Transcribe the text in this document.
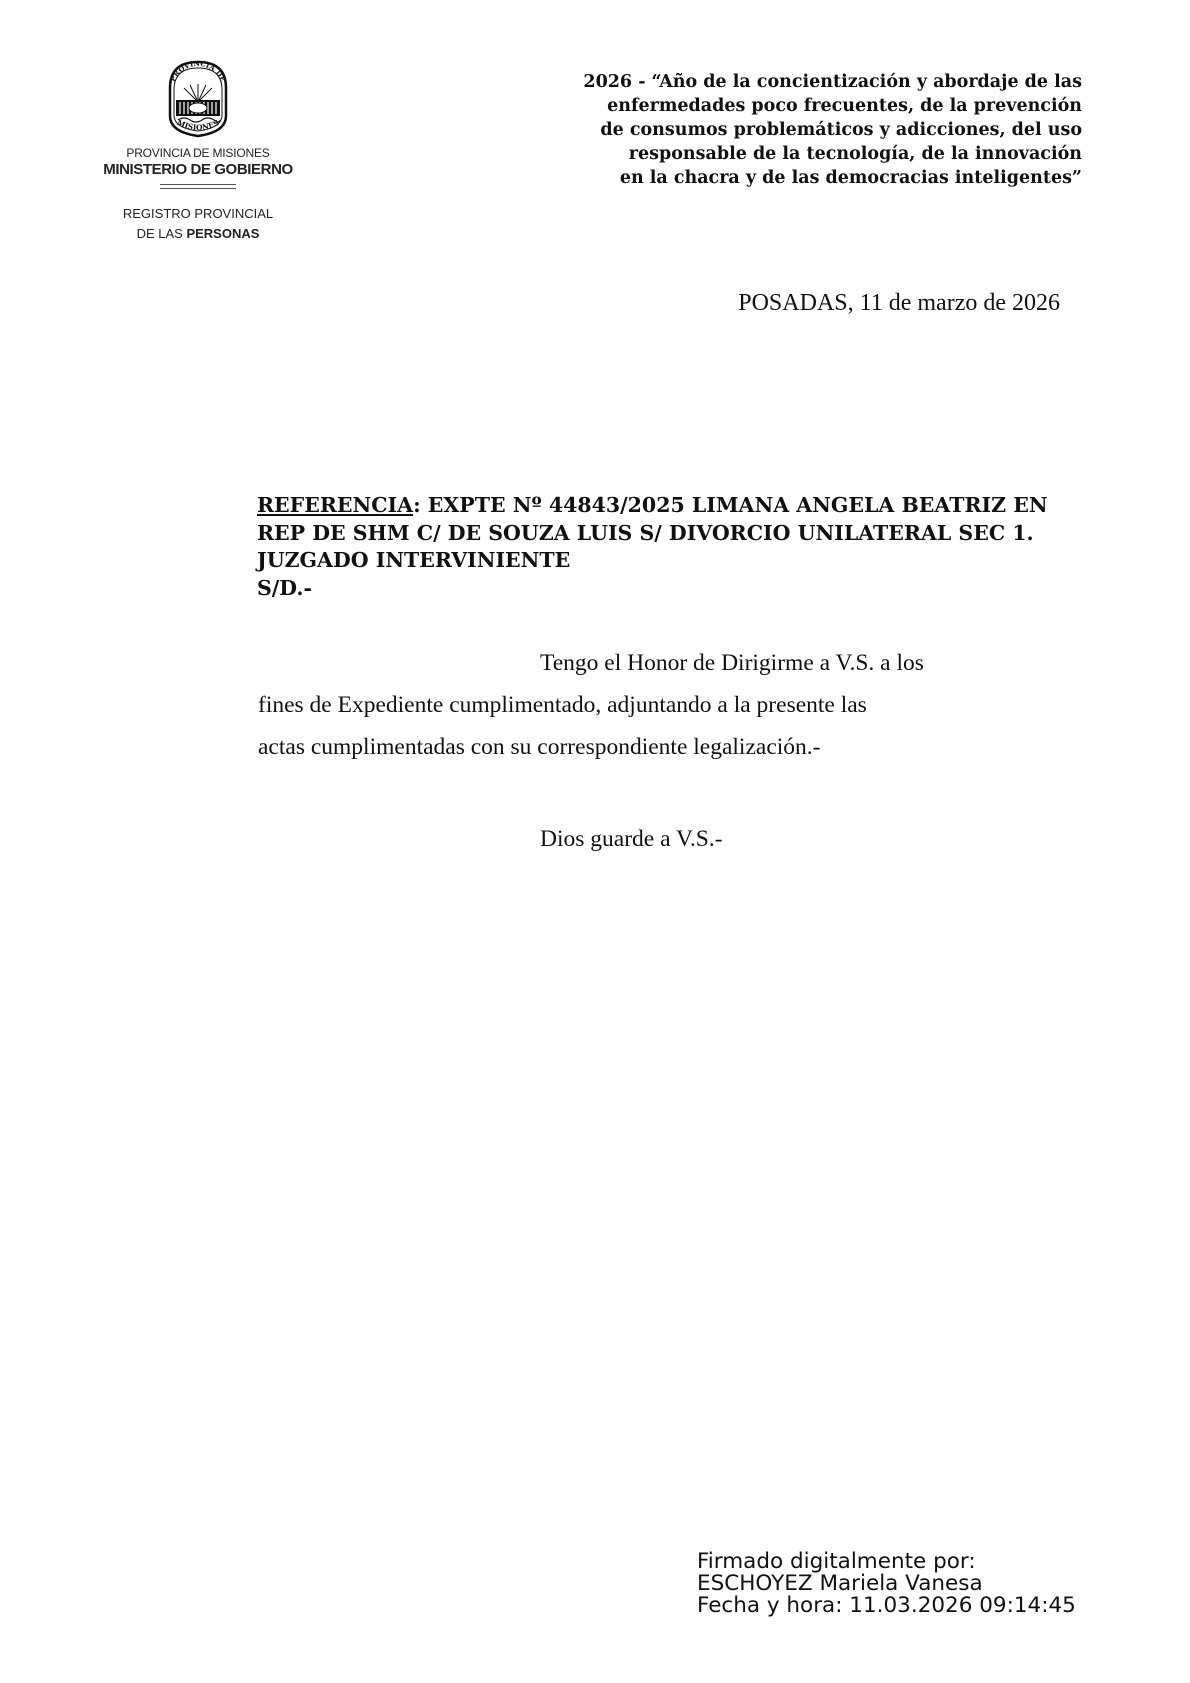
PROVINCIA DE
MISIONES
PROVINCIA DE MISIONES
MINISTERIO DE GOBIERNO
REGISTRO PROVINCIAL
DE LAS PERSONAS
2026 - “Año de la concientización y abordaje de las
enfermedades poco frecuentes, de la prevención
de consumos problemáticos y adicciones, del uso
responsable de la tecnología, de la innovación
en la chacra y de las democracias inteligentes”
POSADAS, 11 de marzo de 2026
REFERENCIA: EXPTE Nº 44843/2025 LIMANA ANGELA BEATRIZ EN
REP DE SHM C/ DE SOUZA LUIS S/ DIVORCIO UNILATERAL SEC 1.
JUZGADO INTERVINIENTE
S/D.-
Tengo el Honor de Dirigirme a V.S. a los
fines de Expediente cumplimentado, adjuntando a la presente las
actas cumplimentadas con su correspondiente legalización.-
Dios guarde a V.S.-
Firmado digitalmente por:
ESCHOYEZ Mariela Vanesa
Fecha y hora: 11.03.2026 09:14:45
